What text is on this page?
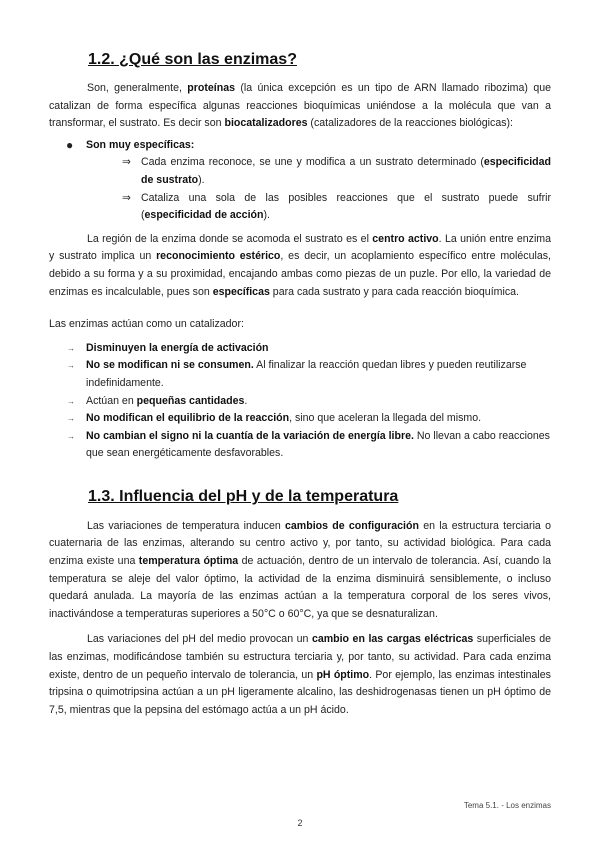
1.2. ¿Qué son las enzimas?

Son, generalmente, proteínas (la única excepción es un tipo de ARN llamado ribozima) que catalizan de forma específica algunas reacciones bioquímicas uniéndose a la molécula que van a transformar, el sustrato. Es decir son biocatalizadores (catalizadores de la reacciones biológicas):

● Son muy específicas:
⇒ Cada enzima reconoce, se une y modifica a un sustrato determinado (especificidad de sustrato).
⇒ Cataliza una sola de las posibles reacciones que el sustrato puede sufrir (especificidad de acción).

La región de la enzima donde se acomoda el sustrato es el centro activo. La unión entre enzima y sustrato implica un reconocimiento estérico, es decir, un acoplamiento específico entre moléculas, debido a su forma y a su proximidad, encajando ambas como piezas de un puzle. Por ello, la variedad de enzimas es incalculable, pues son específicas para cada sustrato y para cada reacción bioquímica.

Las enzimas actúan como un catalizador:

→ Disminuyen la energía de activación
→ No se modifican ni se consumen. Al finalizar la reacción quedan libres y pueden reutilizarse indefinidamente.
→ Actúan en pequeñas cantidades.
→ No modifican el equilibrio de la reacción, sino que aceleran la llegada del mismo.
→ No cambian el signo ni la cuantía de la variación de energía libre. No llevan a cabo reacciones que sean energéticamente desfavorables.
1.3. Influencia del pH y de la temperatura

Las variaciones de temperatura inducen cambios de configuración en la estructura terciaria o cuaternaria de las enzimas, alterando su centro activo y, por tanto, su actividad biológica. Para cada enzima existe una temperatura óptima de actuación, dentro de un intervalo de tolerancia. Así, cuando la temperatura se aleje del valor óptimo, la actividad de la enzima disminuirá sensiblemente, o incluso quedará anulada. La mayoría de las enzimas actúan a la temperatura corporal de los seres vivos, inactivándose a temperaturas superiores a 50°C o 60°C, ya que se desnaturalizan.

Las variaciones del pH del medio provocan un cambio en las cargas eléctricas superficiales de las enzimas, modificándose también su estructura terciaria y, por tanto, su actividad. Para cada enzima existe, dentro de un pequeño intervalo de tolerancia, un pH óptimo. Por ejemplo, las enzimas intestinales tripsina o quimotripsina actúan a un pH ligeramente alcalino, las deshidrogenasas tienen un pH óptimo de 7,5, mientras que la pepsina del estómago actúa a un pH ácido.

Tema 5.1. - Los enzimas
2
